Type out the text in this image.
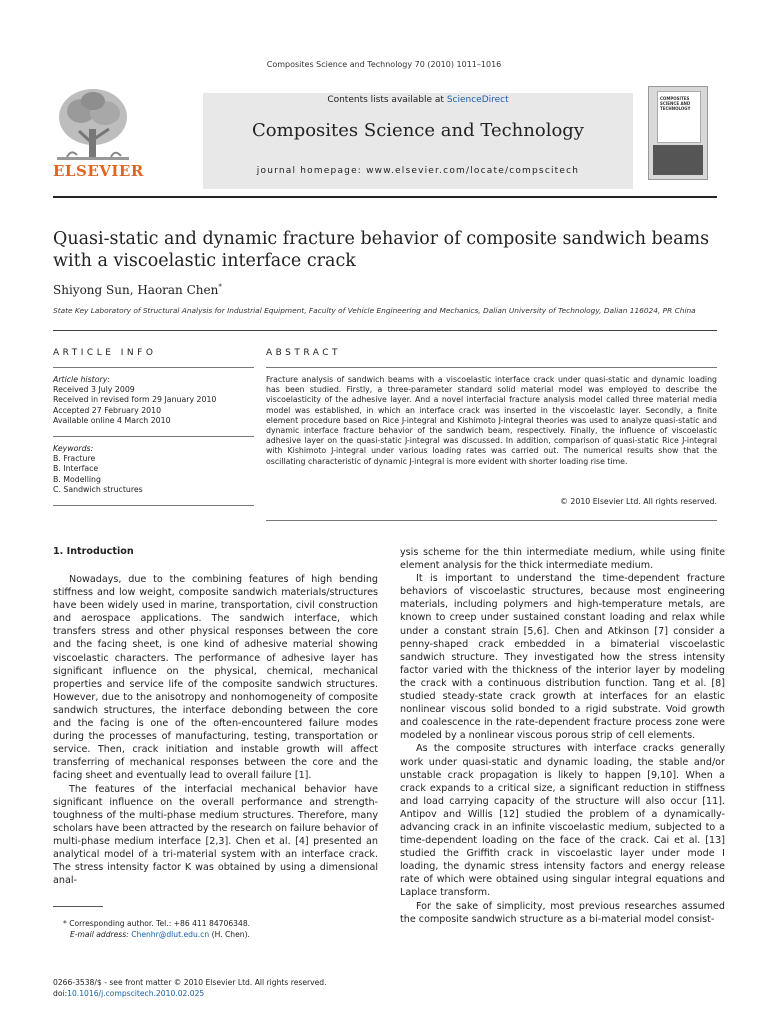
Composites Science and Technology 70 (2010) 1011–1016
ELSEVIER
Contents lists available at ScienceDirect
Composites Science and Technology
journal homepage: www.elsevier.com/locate/compscitech
COMPOSITES SCIENCE AND TECHNOLOGY
Quasi-static and dynamic fracture behavior of composite sandwich beams with a viscoelastic interface crack
Shiyong Sun, Haoran Chen*
State Key Laboratory of Structural Analysis for Industrial Equipment, Faculty of Vehicle Engineering and Mechanics, Dalian University of Technology, Dalian 116024, PR China
ARTICLE INFO	ABSTRACT
Article history:
Received 3 July 2009
Received in revised form 29 January 2010
Accepted 27 February 2010
Available online 4 March 2010
Keywords:
B. Fracture
B. Interface
B. Modelling
C. Sandwich structures
Fracture analysis of sandwich beams with a viscoelastic interface crack under quasi-static and dynamic loading has been studied. Firstly, a three-parameter standard solid material model was employed to describe the viscoelasticity of the adhesive layer. And a novel interfacial fracture analysis model called three material media model was established, in which an interface crack was inserted in the viscoelastic layer. Secondly, a finite element procedure based on Rice J-integral and Kishimoto J-integral theories was used to analyze quasi-static and dynamic interface fracture behavior of the sandwich beam, respectively. Finally, the influence of viscoelastic adhesive layer on the quasi-static J-integral was discussed. In addition, comparison of quasi-static Rice J-integral with Kishimoto J-integral under various loading rates was carried out. The numerical results show that the oscillating characteristic of dynamic J-integral is more evident with shorter loading rise time.
© 2010 Elsevier Ltd. All rights reserved.
1. Introduction

Nowadays, due to the combining features of high bending stiffness and low weight, composite sandwich materials/structures have been widely used in marine, transportation, civil construction and aerospace applications. The sandwich interface, which transfers stress and other physical responses between the core and the facing sheet, is one kind of adhesive material showing viscoelastic characters. The performance of adhesive layer has significant influence on the physical, chemical, mechanical properties and service life of the composite sandwich structures. However, due to the anisotropy and nonhomogeneity of composite sandwich structures, the interface debonding between the core and the facing is one of the often-encountered failure modes during the processes of manufacturing, testing, transportation or service. Then, crack initiation and instable growth will affect transferring of mechanical responses between the core and the facing sheet and eventually lead to overall failure [1].

The features of the interfacial mechanical behavior have significant influence on the overall performance and strength-toughness of the multi-phase medium structures. Therefore, many scholars have been attracted by the research on failure behavior of multi-phase medium interface [2,3]. Chen et al. [4] presented an analytical model of a tri-material system with an interface crack. The stress intensity factor K was obtained by using a dimensional anal-

ysis scheme for the thin intermediate medium, while using finite element analysis for the thick intermediate medium.

It is important to understand the time-dependent fracture behaviors of viscoelastic structures, because most engineering materials, including polymers and high-temperature metals, are known to creep under sustained constant loading and relax while under a constant strain [5,6]. Chen and Atkinson [7] consider a penny-shaped crack embedded in a bimaterial viscoelastic sandwich structure. They investigated how the stress intensity factor varied with the thickness of the interior layer by modeling the crack with a continuous distribution function. Tang et al. [8] studied steady-state crack growth at interfaces for an elastic nonlinear viscous solid bonded to a rigid substrate. Void growth and coalescence in the rate-dependent fracture process zone were modeled by a nonlinear viscous porous strip of cell elements.

As the composite structures with interface cracks generally work under quasi-static and dynamic loading, the stable and/or unstable crack propagation is likely to happen [9,10]. When a crack expands to a critical size, a significant reduction in stiffness and load carrying capacity of the structure will also occur [11]. Antipov and Willis [12] studied the problem of a dynamically-advancing crack in an infinite viscoelastic medium, subjected to a time-dependent loading on the face of the crack. Cai et al. [13] studied the Griffith crack in viscoelastic layer under mode I loading, the dynamic stress intensity factors and energy release rate of which were obtained using singular integral equations and Laplace transform.

For the sake of simplicity, most previous researches assumed the composite sandwich structure as a bi-material model consist-

* Corresponding author. Tel.: +86 411 84706348.
E-mail address: Chenhr@dlut.edu.cn (H. Chen).
0266-3538/$ - see front matter © 2010 Elsevier Ltd. All rights reserved.
doi:10.1016/j.compscitech.2010.02.025
